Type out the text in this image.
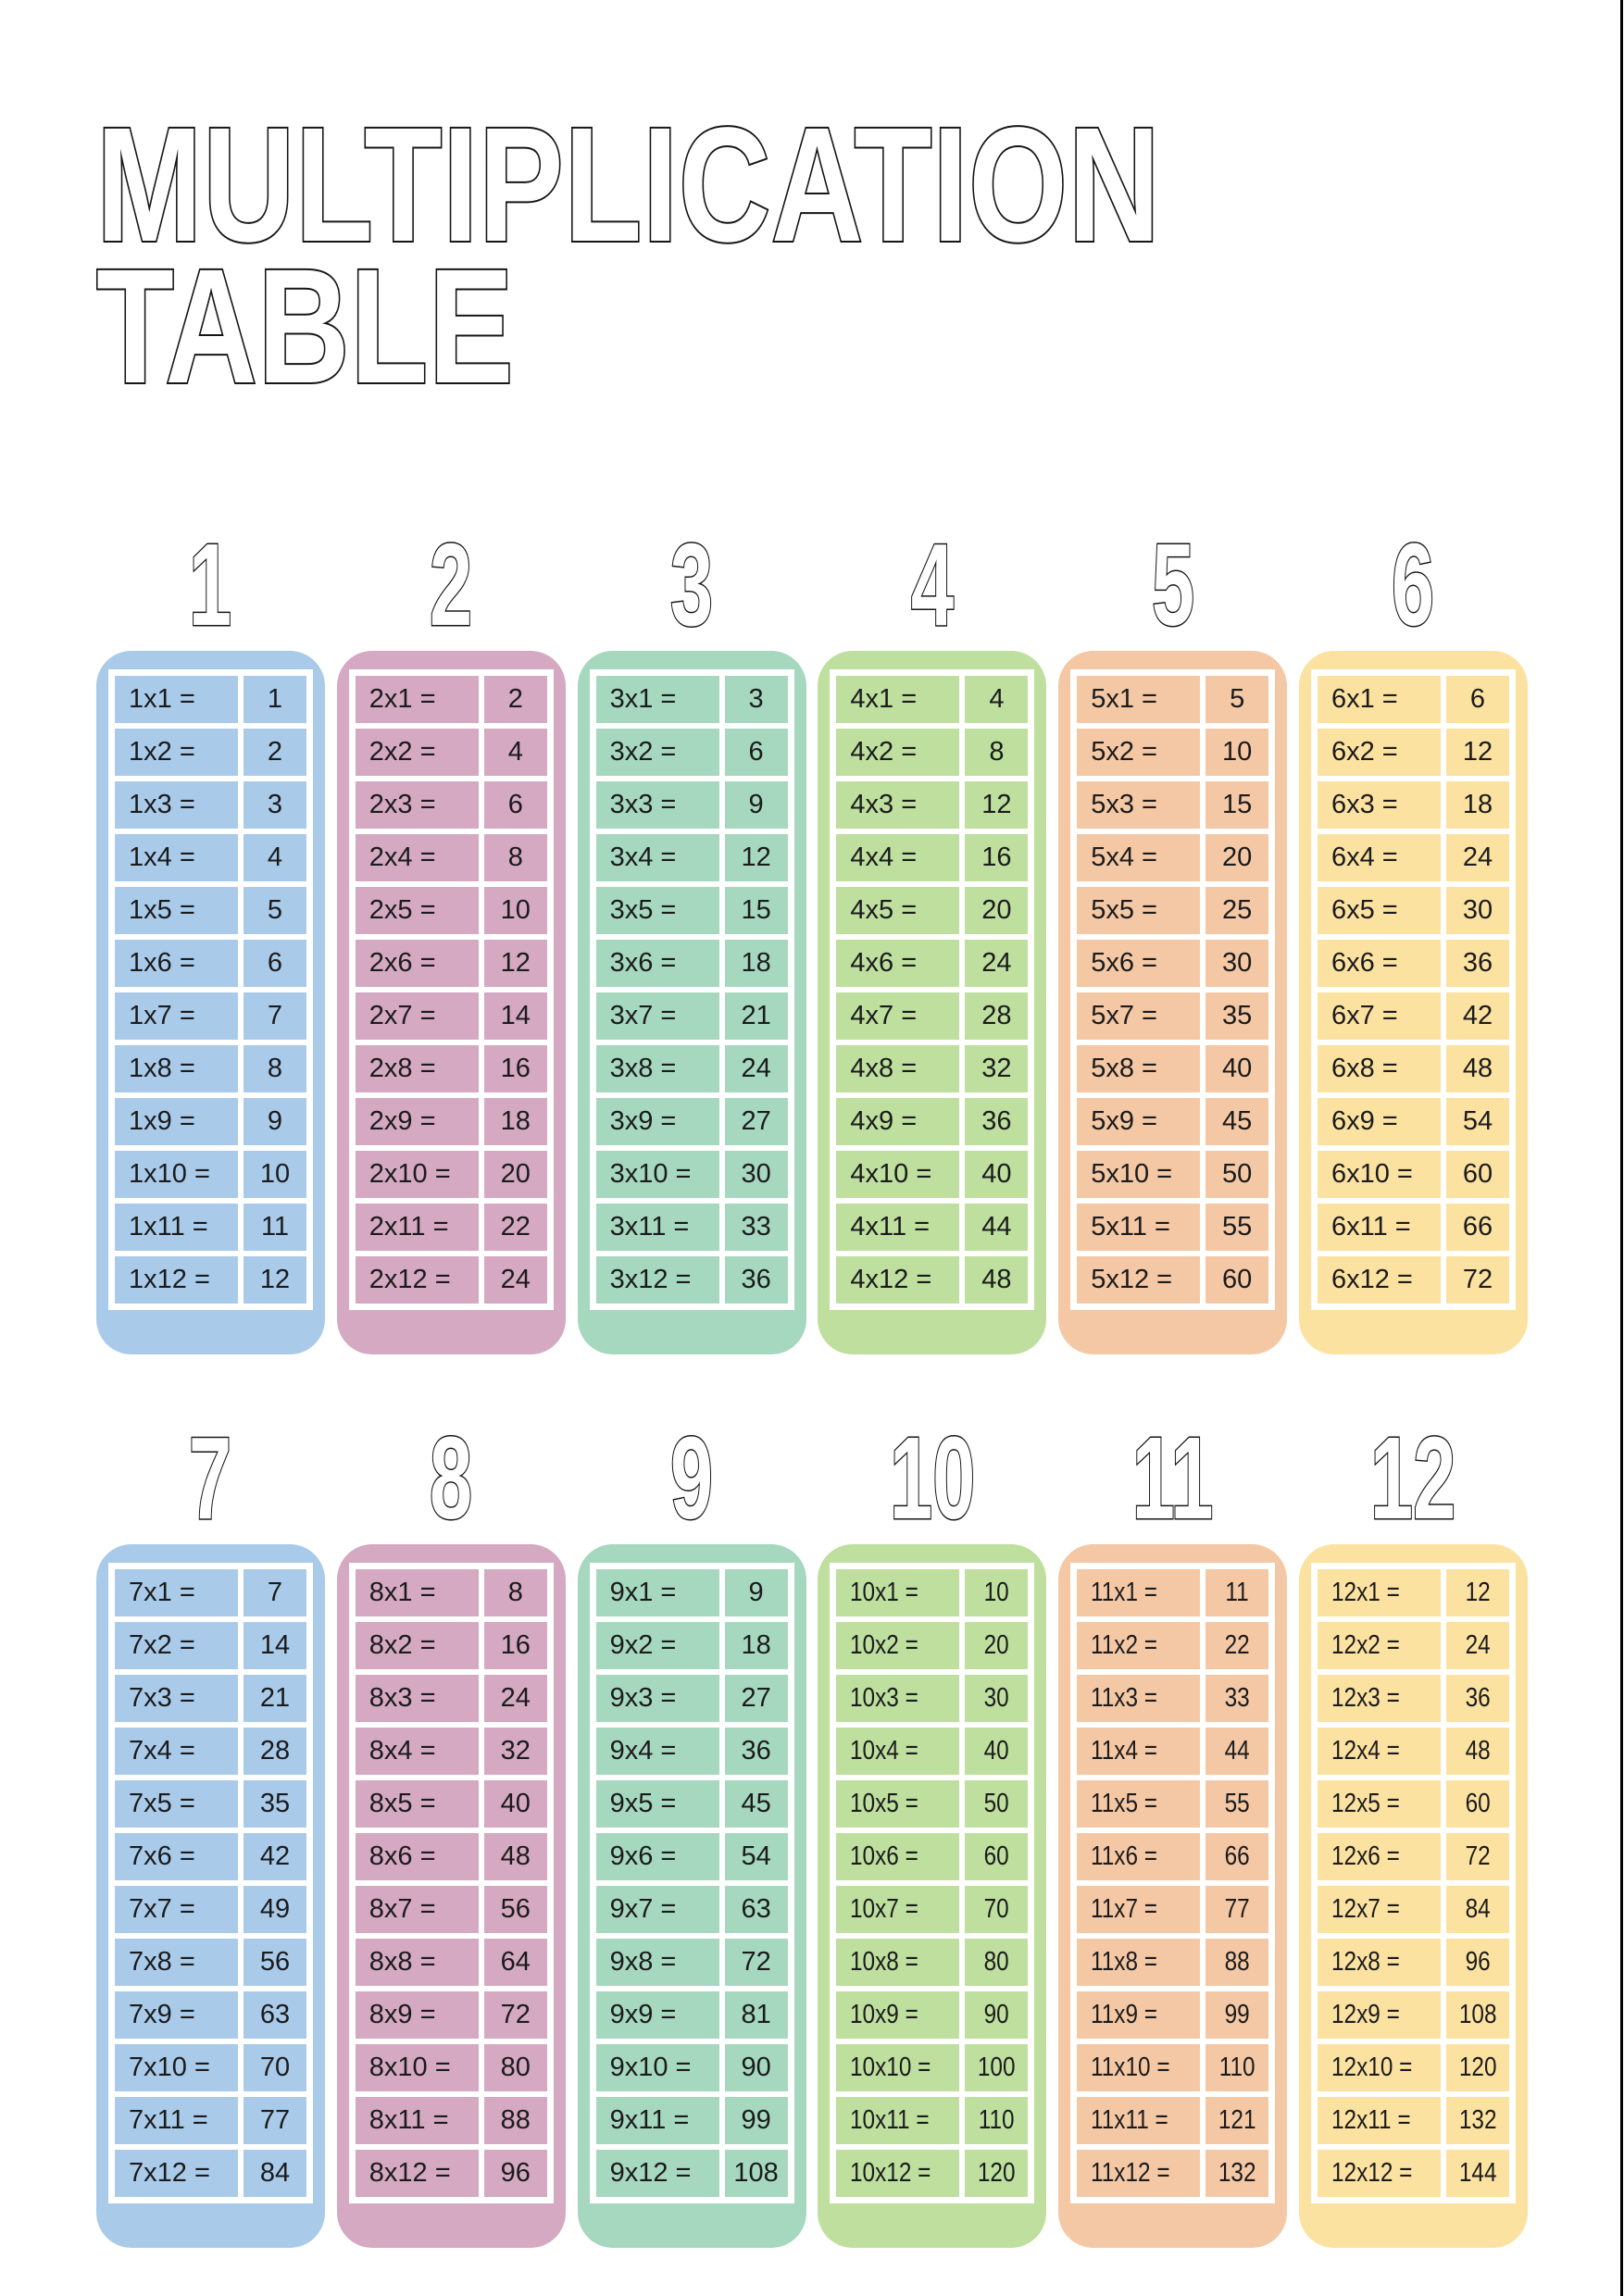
MULTIPLICATION
TABLE
1
1x1 =	1
1x2 =	2
1x3 =	3
1x4 =	4
1x5 =	5
1x6 =	6
1x7 =	7
1x8 =	8
1x9 =	9
1x10 = 10
1x11 = 11
1x12 = 12
2
2x1 =	2
2x2 =	4
2x3 =	6
2x4 =	8
2x5 = 10
2x6 = 12
2x7 = 14
2x8 = 16
2x9 = 18
2x10 = 20
2x11 = 22
2x12 = 24
3
3x1 =	3
3x2 =	6
3x3 =	9
3x4 = 12
3x5 = 15
3x6 = 18
3x7 = 21
3x8 = 24
3x9 = 27
3x10 = 30
3x11 = 33
3x12 = 36
4
4x1 =	4
4x2 =	8
4x3 = 12
4x4 = 16
4x5 = 20
4x6 = 24
4x7 = 28
4x8 = 32
4x9 = 36
4x10 = 40
4x11 = 44
4x12 = 48
5
5x1 =	5
5x2 = 10
5x3 = 15
5x4 = 20
5x5 = 25
5x6 = 30
5x7 = 35
5x8 = 40
5x9 = 45
5x10 = 50
5x11 = 55
5x12 = 60
6
6x1 =	6
6x2 = 12
6x3 = 18
6x4 = 24
6x5 = 30
6x6 = 36
6x7 = 42
6x8 = 48
6x9 = 54
6x10 = 60
6x11 = 66
6x12 = 72
7
7x1 =	7
7x2 = 14
7x3 = 21
7x4 = 28
7x5 = 35
7x6 = 42
7x7 = 49
7x8 = 56
7x9 = 63
7x10 = 70
7x11 = 77
7x12 = 84
8
8x1 =	8
8x2 = 16
8x3 = 24
8x4 = 32
8x5 = 40
8x6 = 48
8x7 = 56
8x8 = 64
8x9 = 72
8x10 = 80
8x11 = 88
8x12 = 96
9
9x1 =	9
9x2 = 18
9x3 = 27
9x4 = 36
9x5 = 45
9x6 = 54
9x7 = 63
9x8 = 72
9x9 = 81
9x10 = 90
9x11 = 99
9x12 = 108
10
10x1 = 10
10x2 = 20
10x3 = 30
10x4 = 40
10x5 = 50
10x6 = 60
10x7 = 70
10x8 = 80
10x9 = 90
10x10 = 100
10x11 = 110
10x12 = 120
11
11x1 =	11
11x2 = 22
11x3 = 33
11x4 = 44
11x5 = 55
11x6 = 66
11x7 = 77
11x8 = 88
11x9 = 99
11x10 = 110
11x11 = 121
11x12 = 132
12
12x1 = 12
12x2 = 24
12x3 = 36
12x4 = 48
12x5 = 60
12x6 = 72
12x7 = 84
12x8 = 96
12x9 = 108
12x10 = 120
12x11 = 132
12x12 = 144
